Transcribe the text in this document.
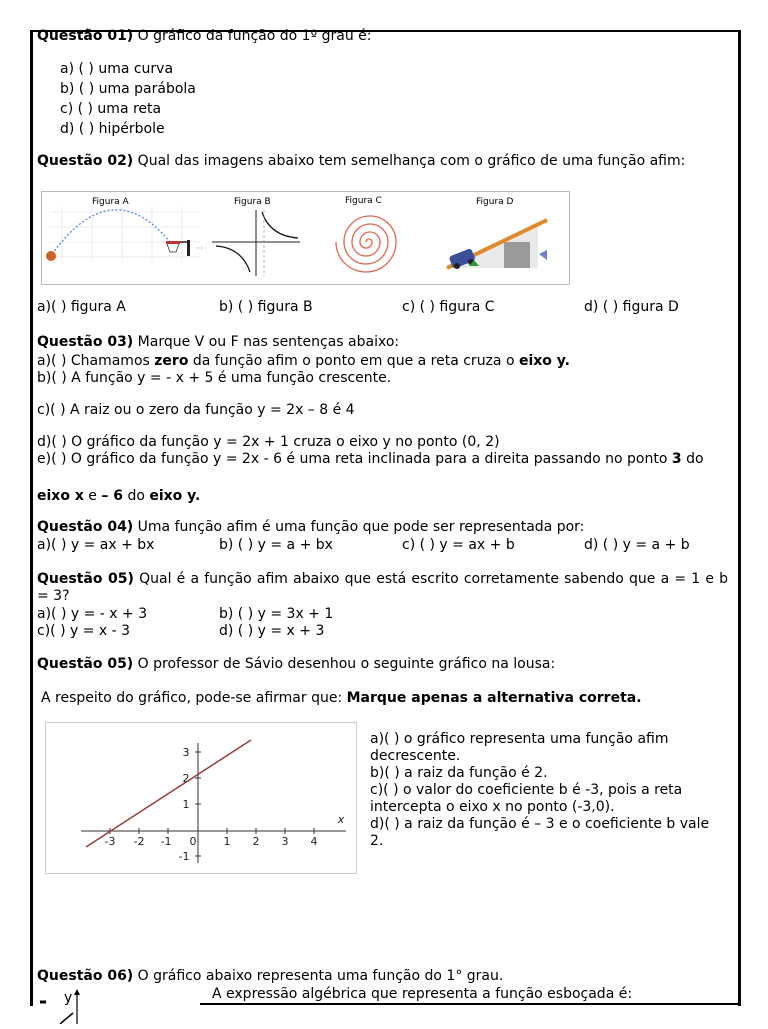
Questão 01) O gráfico da função do 1º grau é:
a) ( ) uma curva
b) ( ) uma parábola
c) ( ) uma reta
d) ( ) hipérbole
Questão 02) Qual das imagens abaixo tem semelhança com o gráfico de uma função afim:
Figura A	Figura B	Figura C	Figura D
a)( ) figura A	b) ( ) figura B	c) ( ) figura C	d) ( ) figura D
Questão 03) Marque V ou F nas sentenças abaixo:
a)( ) Chamamos zero da função afim o ponto em que a reta cruza o eixo y.
b)( ) A função y = - x + 5 é uma função crescente.
c)( ) A raiz ou o zero da função y = 2x – 8 é 4
d)( ) O gráfico da função y = 2x + 1 cruza o eixo y no ponto (0, 2)
e)( ) O gráfico da função y = 2x - 6 é uma reta inclinada para a direita passando no ponto 3 do
eixo x e – 6 do eixo y.
Questão 04) Uma função afim é uma função que pode ser representada por:
a)( ) y = ax + bx	b) ( ) y = a + bx	c) ( ) y = ax + b	d) ( ) y = a + b
Questão 05) Qual é a função afim abaixo que está escrito corretamente sabendo que a = 1 e b = 3?
a)( ) y = - x + 3	b) ( ) y = 3x + 1
c)( ) y = x - 3	d) ( ) y = x + 3
Questão 05) O professor de Sávio desenhou o seguinte gráfico na lousa:
A respeito do gráfico, pode-se afirmar que: Marque apenas a alternativa correta.
-3 -2 -1 0 1 2 3 4
3
2
1
-1
x
a)( ) o gráfico representa uma função afim decrescente.
b)( ) a raiz da função é 2.
c)( ) o valor do coeficiente b é -3, pois a reta intercepta o eixo x no ponto (-3,0).
d)( ) a raiz da função é – 3 e o coeficiente b vale 2.
Questão 06) O gráfico abaixo representa uma função do 1° grau.
A expressão algébrica que representa a função esboçada é:
y
